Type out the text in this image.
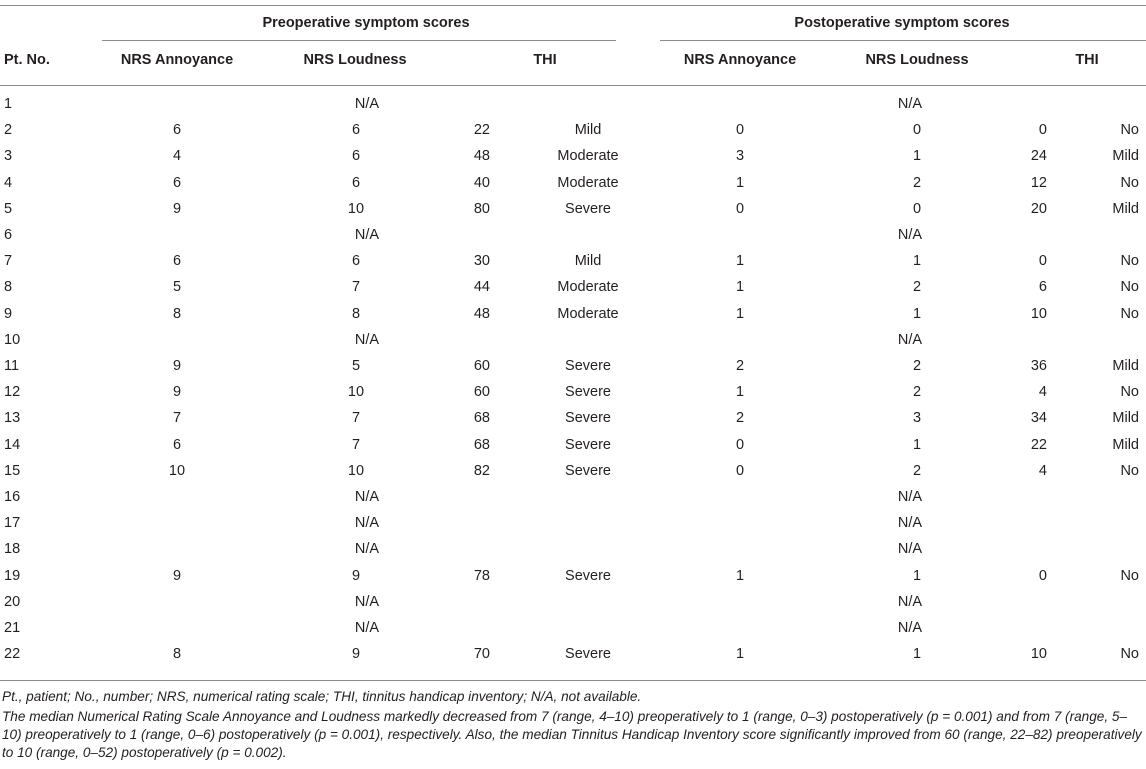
Preoperative symptom scores	Postoperative symptom scores
Pt. No.	NRS Annoyance	NRS Loudness	THI	NRS Annoyance	NRS Loudness	THI
1	N/A	N/A
2	6	6	22	Mild	0	0	0	No
3	4	6	48	Moderate	3	1	24	Mild
4	6	6	40	Moderate	1	2	12	No
5	9	10	80	Severe	0	0	20	Mild
6	N/A	N/A
7	6	6	30	Mild	1	1	0	No
8	5	7	44	Moderate	1	2	6	No
9	8	8	48	Moderate	1	1	10	No
10	N/A	N/A
11	9	5	60	Severe	2	2	36	Mild
12	9	10	60	Severe	1	2	4	No
13	7	7	68	Severe	2	3	34	Mild
14	6	7	68	Severe	0	1	22	Mild
15	10	10	82	Severe	0	2	4	No
16	N/A	N/A
17	N/A	N/A
18	N/A	N/A
19	9	9	78	Severe	1	1	0	No
20	N/A	N/A
21	N/A	N/A
22	8	9	70	Severe	1	1	10	No
Pt., patient; No., number; NRS, numerical rating scale; THI, tinnitus handicap inventory; N/A, not available.
The median Numerical Rating Scale Annoyance and Loudness markedly decreased from 7 (range, 4–10) preoperatively to 1 (range, 0–3) postoperatively (p = 0.001) and from 7 (range, 5–10) preoperatively to 1 (range, 0–6) postoperatively (p = 0.001), respectively. Also, the median Tinnitus Handicap Inventory score significantly improved from 60 (range, 22–82) preoperatively to 10 (range, 0–52) postoperatively (p = 0.002).
